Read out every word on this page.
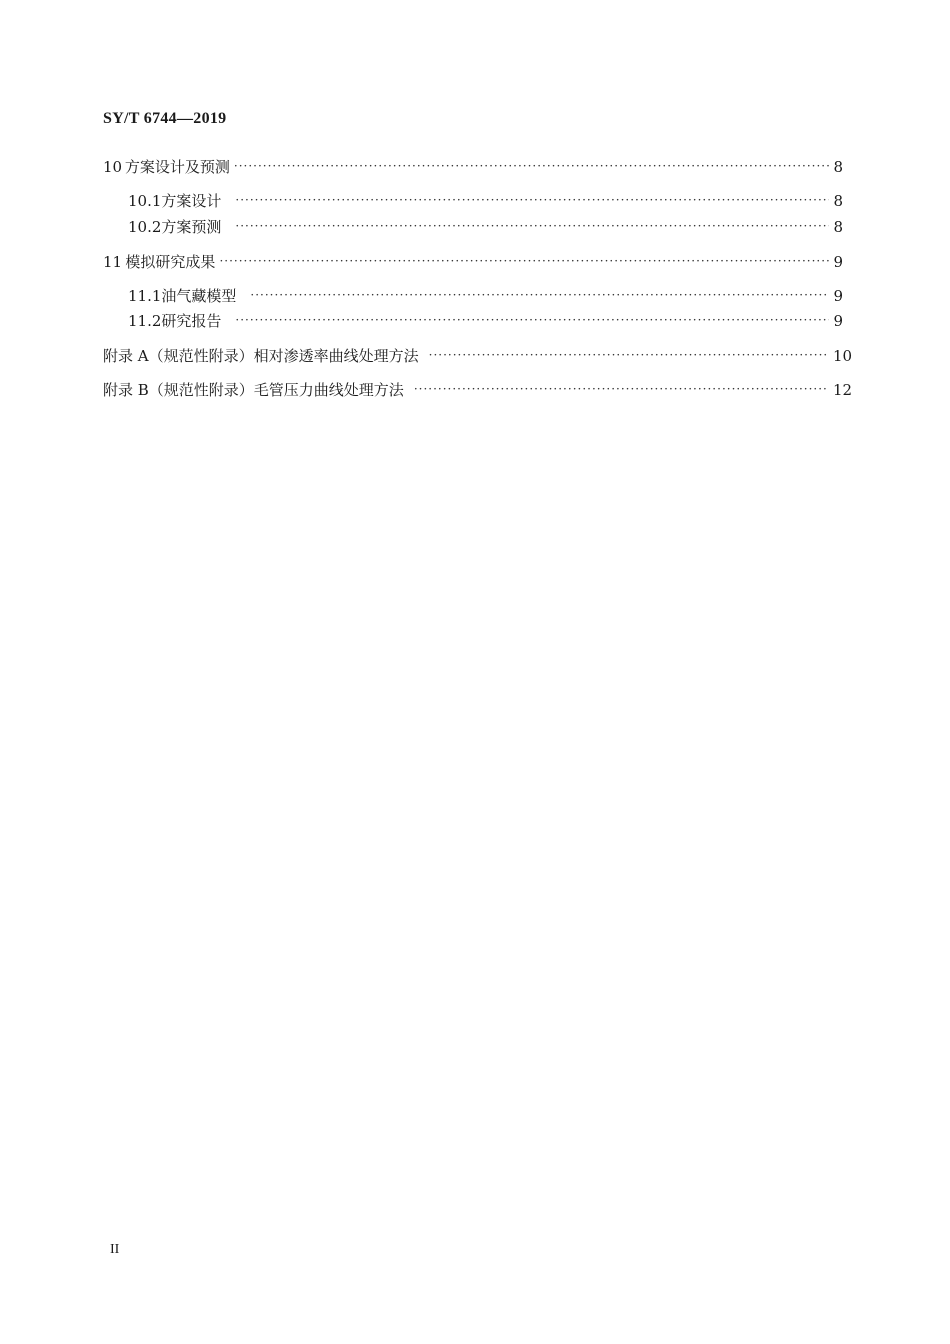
SY/T 6744—2019
10 方案设计及预测 ·····	8
10.1 方案设计 ·····	8
10.2 方案预测 ·····	8
11 模拟研究成果 ·····	9
11.1 油气藏模型 ·····	9
11.2 研究报告 ·····	9
附录 A（规范性附录） 相对渗透率曲线处理方法 ·····	10
附录 B（规范性附录） 毛管压力曲线处理方法 ·····	12
II
